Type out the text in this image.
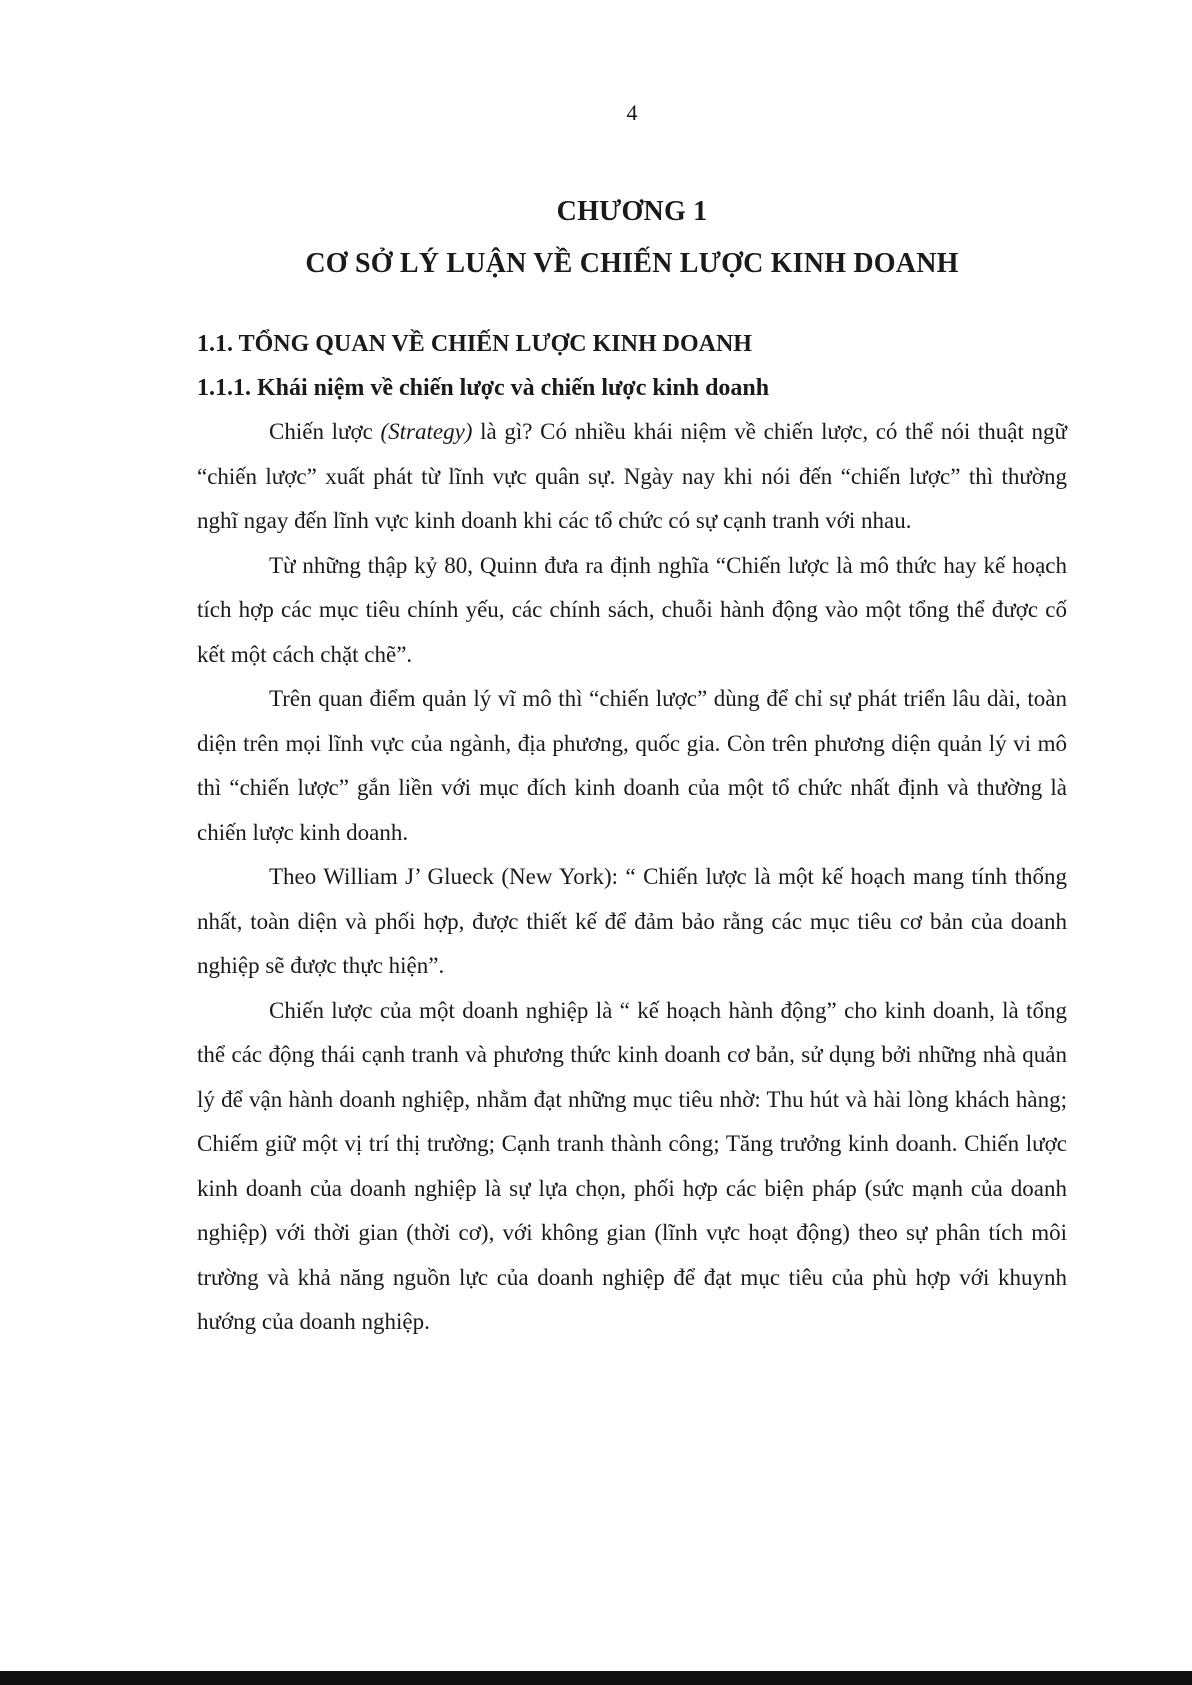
4
CHƯƠNG 1
CƠ SỞ LÝ LUẬN VỀ CHIẾN LƯỢC KINH DOANH
1.1. TỔNG QUAN VỀ CHIẾN LƯỢC KINH DOANH
1.1.1. Khái niệm về chiến lược và chiến lược kinh doanh

Chiến lược (Strategy) là gì? Có nhiều khái niệm về chiến lược, có thể nói thuật ngữ “chiến lược” xuất phát từ lĩnh vực quân sự. Ngày nay khi nói đến “chiến lược” thì thường nghĩ ngay đến lĩnh vực kinh doanh khi các tổ chức có sự cạnh tranh với nhau.

Từ những thập kỷ 80, Quinn đưa ra định nghĩa “Chiến lược là mô thức hay kế hoạch tích hợp các mục tiêu chính yếu, các chính sách, chuỗi hành động vào một tổng thể được cố kết một cách chặt chẽ”.

Trên quan điểm quản lý vĩ mô thì “chiến lược” dùng để chỉ sự phát triển lâu dài, toàn diện trên mọi lĩnh vực của ngành, địa phương, quốc gia. Còn trên phương diện quản lý vi mô thì “chiến lược” gắn liền với mục đích kinh doanh của một tổ chức nhất định và thường là chiến lược kinh doanh.

Theo William J’ Glueck (New York): “ Chiến lược là một kế hoạch mang tính thống nhất, toàn diện và phối hợp, được thiết kế để đảm bảo rằng các mục tiêu cơ bản của doanh nghiệp sẽ được thực hiện”.

Chiến lược của một doanh nghiệp là “ kế hoạch hành động” cho kinh doanh, là tổng thể các động thái cạnh tranh và phương thức kinh doanh cơ bản, sử dụng bởi những nhà quản lý để vận hành doanh nghiệp, nhằm đạt những mục tiêu nhờ: Thu hút và hài lòng khách hàng; Chiếm giữ một vị trí thị trường; Cạnh tranh thành công; Tăng trưởng kinh doanh. Chiến lược kinh doanh của doanh nghiệp là sự lựa chọn, phối hợp các biện pháp (sức mạnh của doanh nghiệp) với thời gian (thời cơ), với không gian (lĩnh vực hoạt động) theo sự phân tích môi trường và khả năng nguồn lực của doanh nghiệp để đạt mục tiêu của phù hợp với khuynh hướng của doanh nghiệp.
